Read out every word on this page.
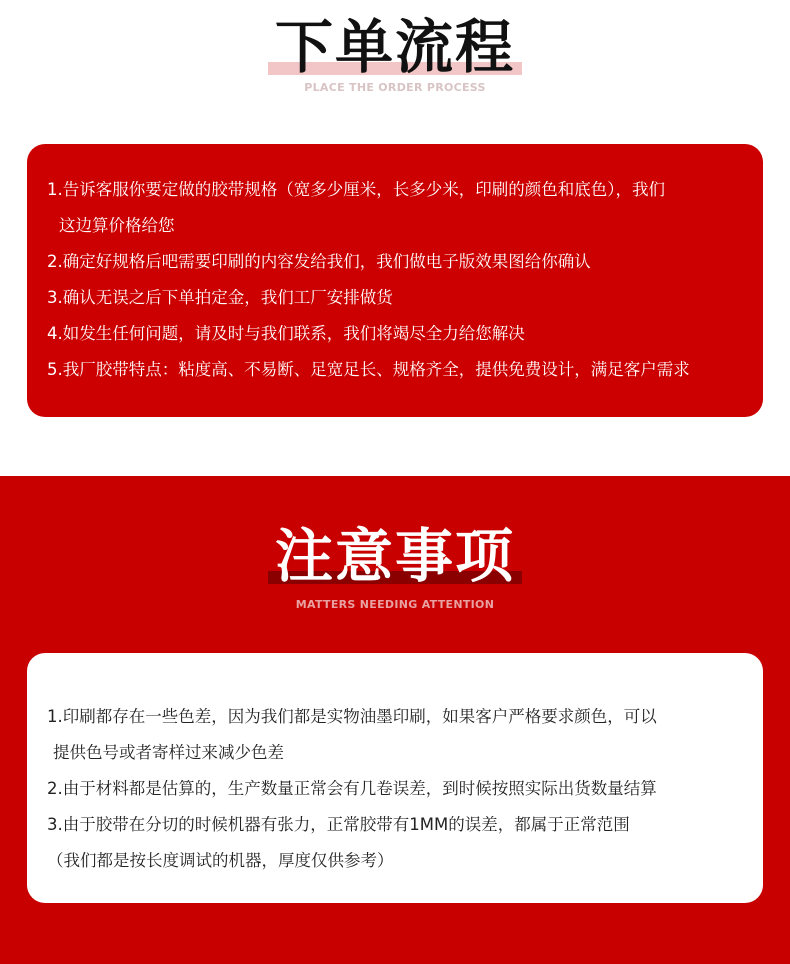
下单流程
PLACE THE ORDER PROCESS
1.告诉客服你要定做的胶带规格（宽多少厘米，长多少米，印刷的颜色和底色），我们
这边算价格给您
2.确定好规格后吧需要印刷的内容发给我们，我们做电子版效果图给你确认
3.确认无误之后下单拍定金，我们工厂安排做货
4.如发生任何问题，请及时与我们联系，我们将竭尽全力给您解决
5.我厂胶带特点：粘度高、不易断、足宽足长、规格齐全，提供免费设计，满足客户需求
注意事项
MATTERS NEEDING ATTENTION
1.印刷都存在一些色差，因为我们都是实物油墨印刷，如果客户严格要求颜色，可以
提供色号或者寄样过来减少色差
2.由于材料都是估算的，生产数量正常会有几卷误差，到时候按照实际出货数量结算
3.由于胶带在分切的时候机器有张力，正常胶带有1MM的误差，都属于正常范围
（我们都是按长度调试的机器，厚度仅供参考）
